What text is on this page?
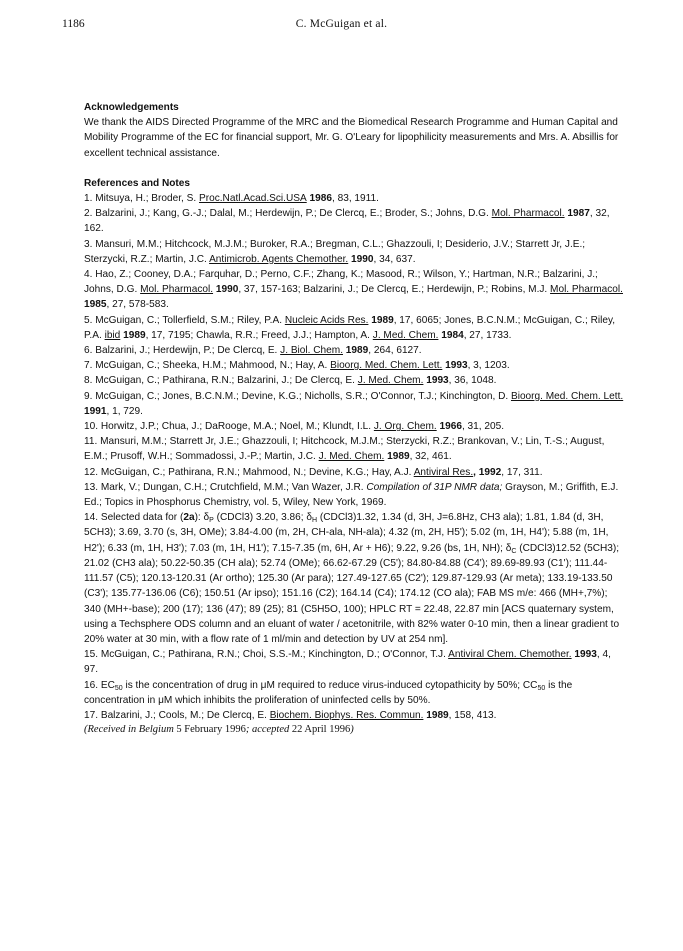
1186	C. McGuigan et al.

Acknowledgements

We thank the AIDS Directed Programme of the MRC and the Biomedical Research Programme and Human Capital and Mobility Programme of the EC for financial support, Mr. G. O'Leary for lipophilicity measurements and Mrs. A. Absillis for excellent technical assistance.

References and Notes

1. Mitsuya, H.; Broder, S. Proc.Natl.Acad.Sci.USA 1986, 83, 1911.

2. Balzarini, J.; Kang, G.-J.; Dalal, M.; Herdewijn, P.; De Clercq, E.; Broder, S.; Johns, D.G. Mol. Pharmacol. 1987, 32, 162.

3. Mansuri, M.M.; Hitchcock, M.J.M.; Buroker, R.A.; Bregman, C.L.; Ghazzouli, I; Desiderio, J.V.; Starrett Jr, J.E.; Sterzycki, R.Z.; Martin, J.C. Antimicrob. Agents Chemother. 1990, 34, 637.

4. Hao, Z.; Cooney, D.A.; Farquhar, D.; Perno, C.F.; Zhang, K.; Masood, R.; Wilson, Y.; Hartman, N.R.; Balzarini, J.; Johns, D.G. Mol. Pharmacol. 1990, 37, 157-163; Balzarini, J.; De Clercq, E.; Herdewijn, P.; Robins, M.J. Mol. Pharmacol. 1985, 27, 578-583.

5. McGuigan, C.; Tollerfield, S.M.; Riley, P.A. Nucleic Acids Res. 1989, 17, 6065; Jones, B.C.N.M.; McGuigan, C.; Riley, P.A. ibid 1989, 17, 7195; Chawla, R.R.; Freed, J.J.; Hampton, A. J. Med. Chem. 1984, 27, 1733.

6. Balzarini, J.; Herdewijn, P.; De Clercq, E. J. Biol. Chem. 1989, 264, 6127.

7. McGuigan, C.; Sheeka, H.M.; Mahmood, N.; Hay, A. Bioorg. Med. Chem. Lett. 1993, 3, 1203.

8. McGuigan, C.; Pathirana, R.N.; Balzarini, J.; De Clercq, E. J. Med. Chem. 1993, 36, 1048.

9. McGuigan, C.; Jones, B.C.N.M.; Devine, K.G.; Nicholls, S.R.; O'Connor, T.J.; Kinchington, D. Bioorg. Med. Chem. Lett. 1991, 1, 729.

10. Horwitz, J.P.; Chua, J.; DaRooge, M.A.; Noel, M.; Klundt, I.L. J. Org. Chem. 1966, 31, 205.

11. Mansuri, M.M.; Starrett Jr, J.E.; Ghazzouli, I; Hitchcock, M.J.M.; Sterzycki, R.Z.; Brankovan, V.; Lin, T.-S.; August, E.M.; Prusoff, W.H.; Sommadossi, J.-P.; Martin, J.C. J. Med. Chem. 1989, 32, 461.

12. McGuigan, C.; Pathirana, R.N.; Mahmood, N.; Devine, K.G.; Hay, A.J. Antiviral Res., 1992, 17, 311.

13. Mark, V.; Dungan, C.H.; Crutchfield, M.M.; Van Wazer, J.R. Compilation of 31P NMR data; Grayson, M.; Griffith, E.J. Ed.; Topics in Phosphorus Chemistry, vol. 5, Wiley, New York, 1969.

14. Selected data for (2a): $\delta_P$ (CDCl3) 3.20, 3.86; $\delta_H$ (CDCl3)1.32, 1.34 (d, 3H, J=6.8Hz, CH3 ala); 1.81, 1.84 (d, 3H, 5CH3); 3.69, 3.70 (s, 3H, OMe); 3.84-4.00 (m, 2H, CH-ala, NH-ala); 4.32 (m, 2H, H5'); 5.02 (m, 1H, H4'); 5.88 (m, 1H, H2'); 6.33 (m, 1H, H3'); 7.03 (m, 1H, H1'); 7.15-7.35 (m, 6H, Ar + H6); 9.22, 9.26 (bs, 1H, NH); $\delta_C$ (CDCl3)12.52 (5CH3); 21.02 (CH3 ala); 50.22-50.35 (CH ala); 52.74 (OMe); 66.62-67.29 (C5'); 84.80-84.88 (C4'); 89.69-89.93 (C1'); 111.44-111.57 (C5); 120.13-120.31 (Ar ortho); 125.30 (Ar para); 127.49-127.65 (C2'); 129.87-129.93 (Ar meta); 133.19-133.50 (C3'); 135.77-136.06 (C6); 150.51 (Ar ipso); 151.16 (C2); 164.14 (C4); 174.12 (CO ala); FAB MS m/e: 466 (MH+,7%); 340 (MH+-base); 200 (17); 136 (47); 89 (25); 81 (C5H5O, 100); HPLC RT = 22.48, 22.87 min [ACS quaternary system, using a Techsphere ODS column and an eluant of water / acetonitrile, with 82% water 0-10 min, then a linear gradient to 20% water at 30 min, with a flow rate of 1 ml/min and detection by UV at 254 nm].

15. McGuigan, C.; Pathirana, R.N.; Choi, S.S.-M.; Kinchington, D.; O'Connor, T.J. Antiviral Chem. Chemother. 1993, 4, 97.

16. $EC_{50}$ is the concentration of drug in μM required to reduce virus-induced cytopathicity by 50%; $CC_{50}$ is the concentration in μM which inhibits the proliferation of uninfected cells by 50%.

17. Balzarini, J.; Cools, M.; De Clercq, E. Biochem. Biophys. Res. Commun. 1989, 158, 413.

(Received in Belgium 5 February 1996; accepted 22 April 1996)
